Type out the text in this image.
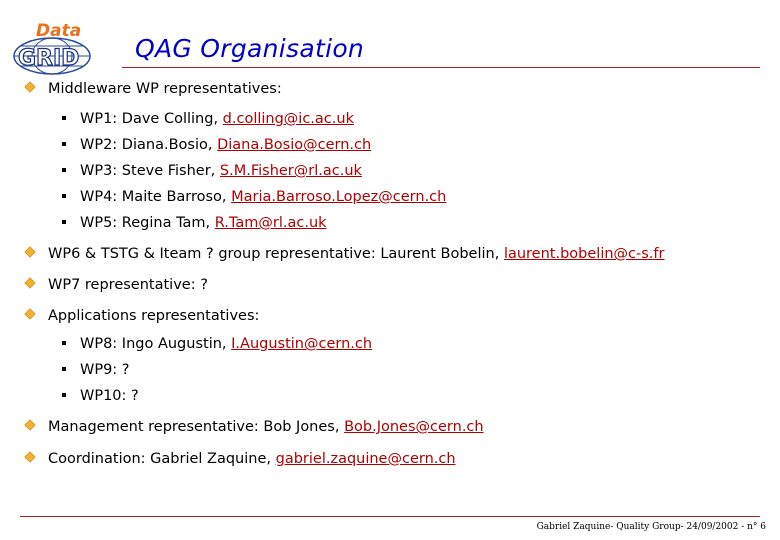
Data
GRID QAG Organisation
Middleware WP representatives:
WP1: Dave Colling, d.colling@ic.ac.uk
WP2: Diana.Bosio, Diana.Bosio@cern.ch
WP3: Steve Fisher, S.M.Fisher@rl.ac.uk
WP4: Maite Barroso, Maria.Barroso.Lopez@cern.ch
WP5: Regina Tam, R.Tam@rl.ac.uk
WP6 & TSTG & Iteam ? group representative: Laurent Bobelin, laurent.bobelin@c-s.fr
WP7 representative: ?
Applications representatives:
WP8: Ingo Augustin, I.Augustin@cern.ch
WP9: ?
WP10: ?
Management representative: Bob Jones, Bob.Jones@cern.ch
Coordination: Gabriel Zaquine, gabriel.zaquine@cern.ch
Gabriel Zaquine- Quality Group- 24/09/2002 - n° 6
